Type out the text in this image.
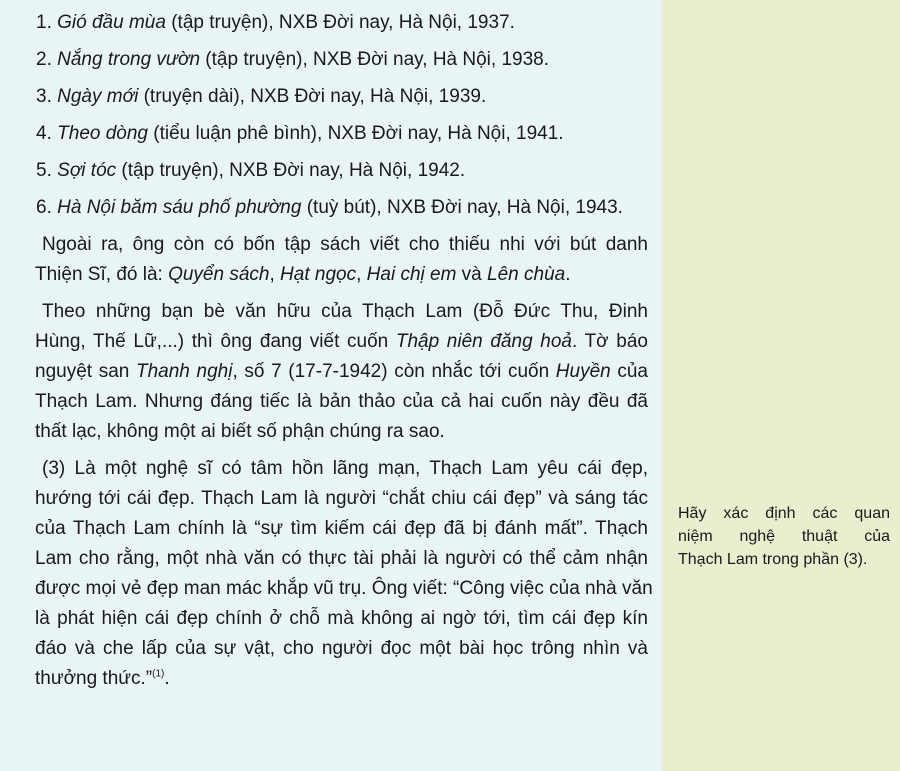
1. Gió đầu mùa (tập truyện), NXB Đời nay, Hà Nội, 1937.
2. Nắng trong vườn (tập truyện), NXB Đời nay, Hà Nội, 1938.
3. Ngày mới (truyện dài), NXB Đời nay, Hà Nội, 1939.
4. Theo dòng (tiểu luận phê bình), NXB Đời nay, Hà Nội, 1941.
5. Sợi tóc (tập truyện), NXB Đời nay, Hà Nội, 1942.
6. Hà Nội băm sáu phố phường (tuỳ bút), NXB Đời nay, Hà Nội, 1943.
Ngoài ra, ông còn có bốn tập sách viết cho thiếu nhi với bút danh
Thiện Sĩ, đó là: Quyển sách, Hạt ngọc, Hai chị em và Lên chùa.
Theo những bạn bè văn hữu của Thạch Lam (Đỗ Đức Thu, Đinh
Hùng, Thế Lữ,...) thì ông đang viết cuốn Thập niên đăng hoả. Tờ báo
nguyệt san Thanh nghị, số 7 (17-7-1942) còn nhắc tới cuốn Huyền của
Thạch Lam. Nhưng đáng tiếc là bản thảo của cả hai cuốn này đều đã
thất lạc, không một ai biết số phận chúng ra sao.
(3) Là một nghệ sĩ có tâm hồn lãng mạn, Thạch Lam yêu cái đẹp,
hướng tới cái đẹp. Thạch Lam là người “chắt chiu cái đẹp” và sáng tác
của Thạch Lam chính là “sự tìm kiếm cái đẹp đã bị đánh mất”. Thạch
Lam cho rằng, một nhà văn có thực tài phải là người có thể cảm nhận
được mọi vẻ đẹp man mác khắp vũ trụ. Ông viết: “Công việc của nhà văn
là phát hiện cái đẹp chính ở chỗ mà không ai ngờ tới, tìm cái đẹp kín
đáo và che lấp của sự vật, cho người đọc một bài học trông nhìn và
thưởng thức.”$^{(1)}$.
Hãy xác định các quan
niệm nghệ thuật của
Thạch Lam trong phần (3).
